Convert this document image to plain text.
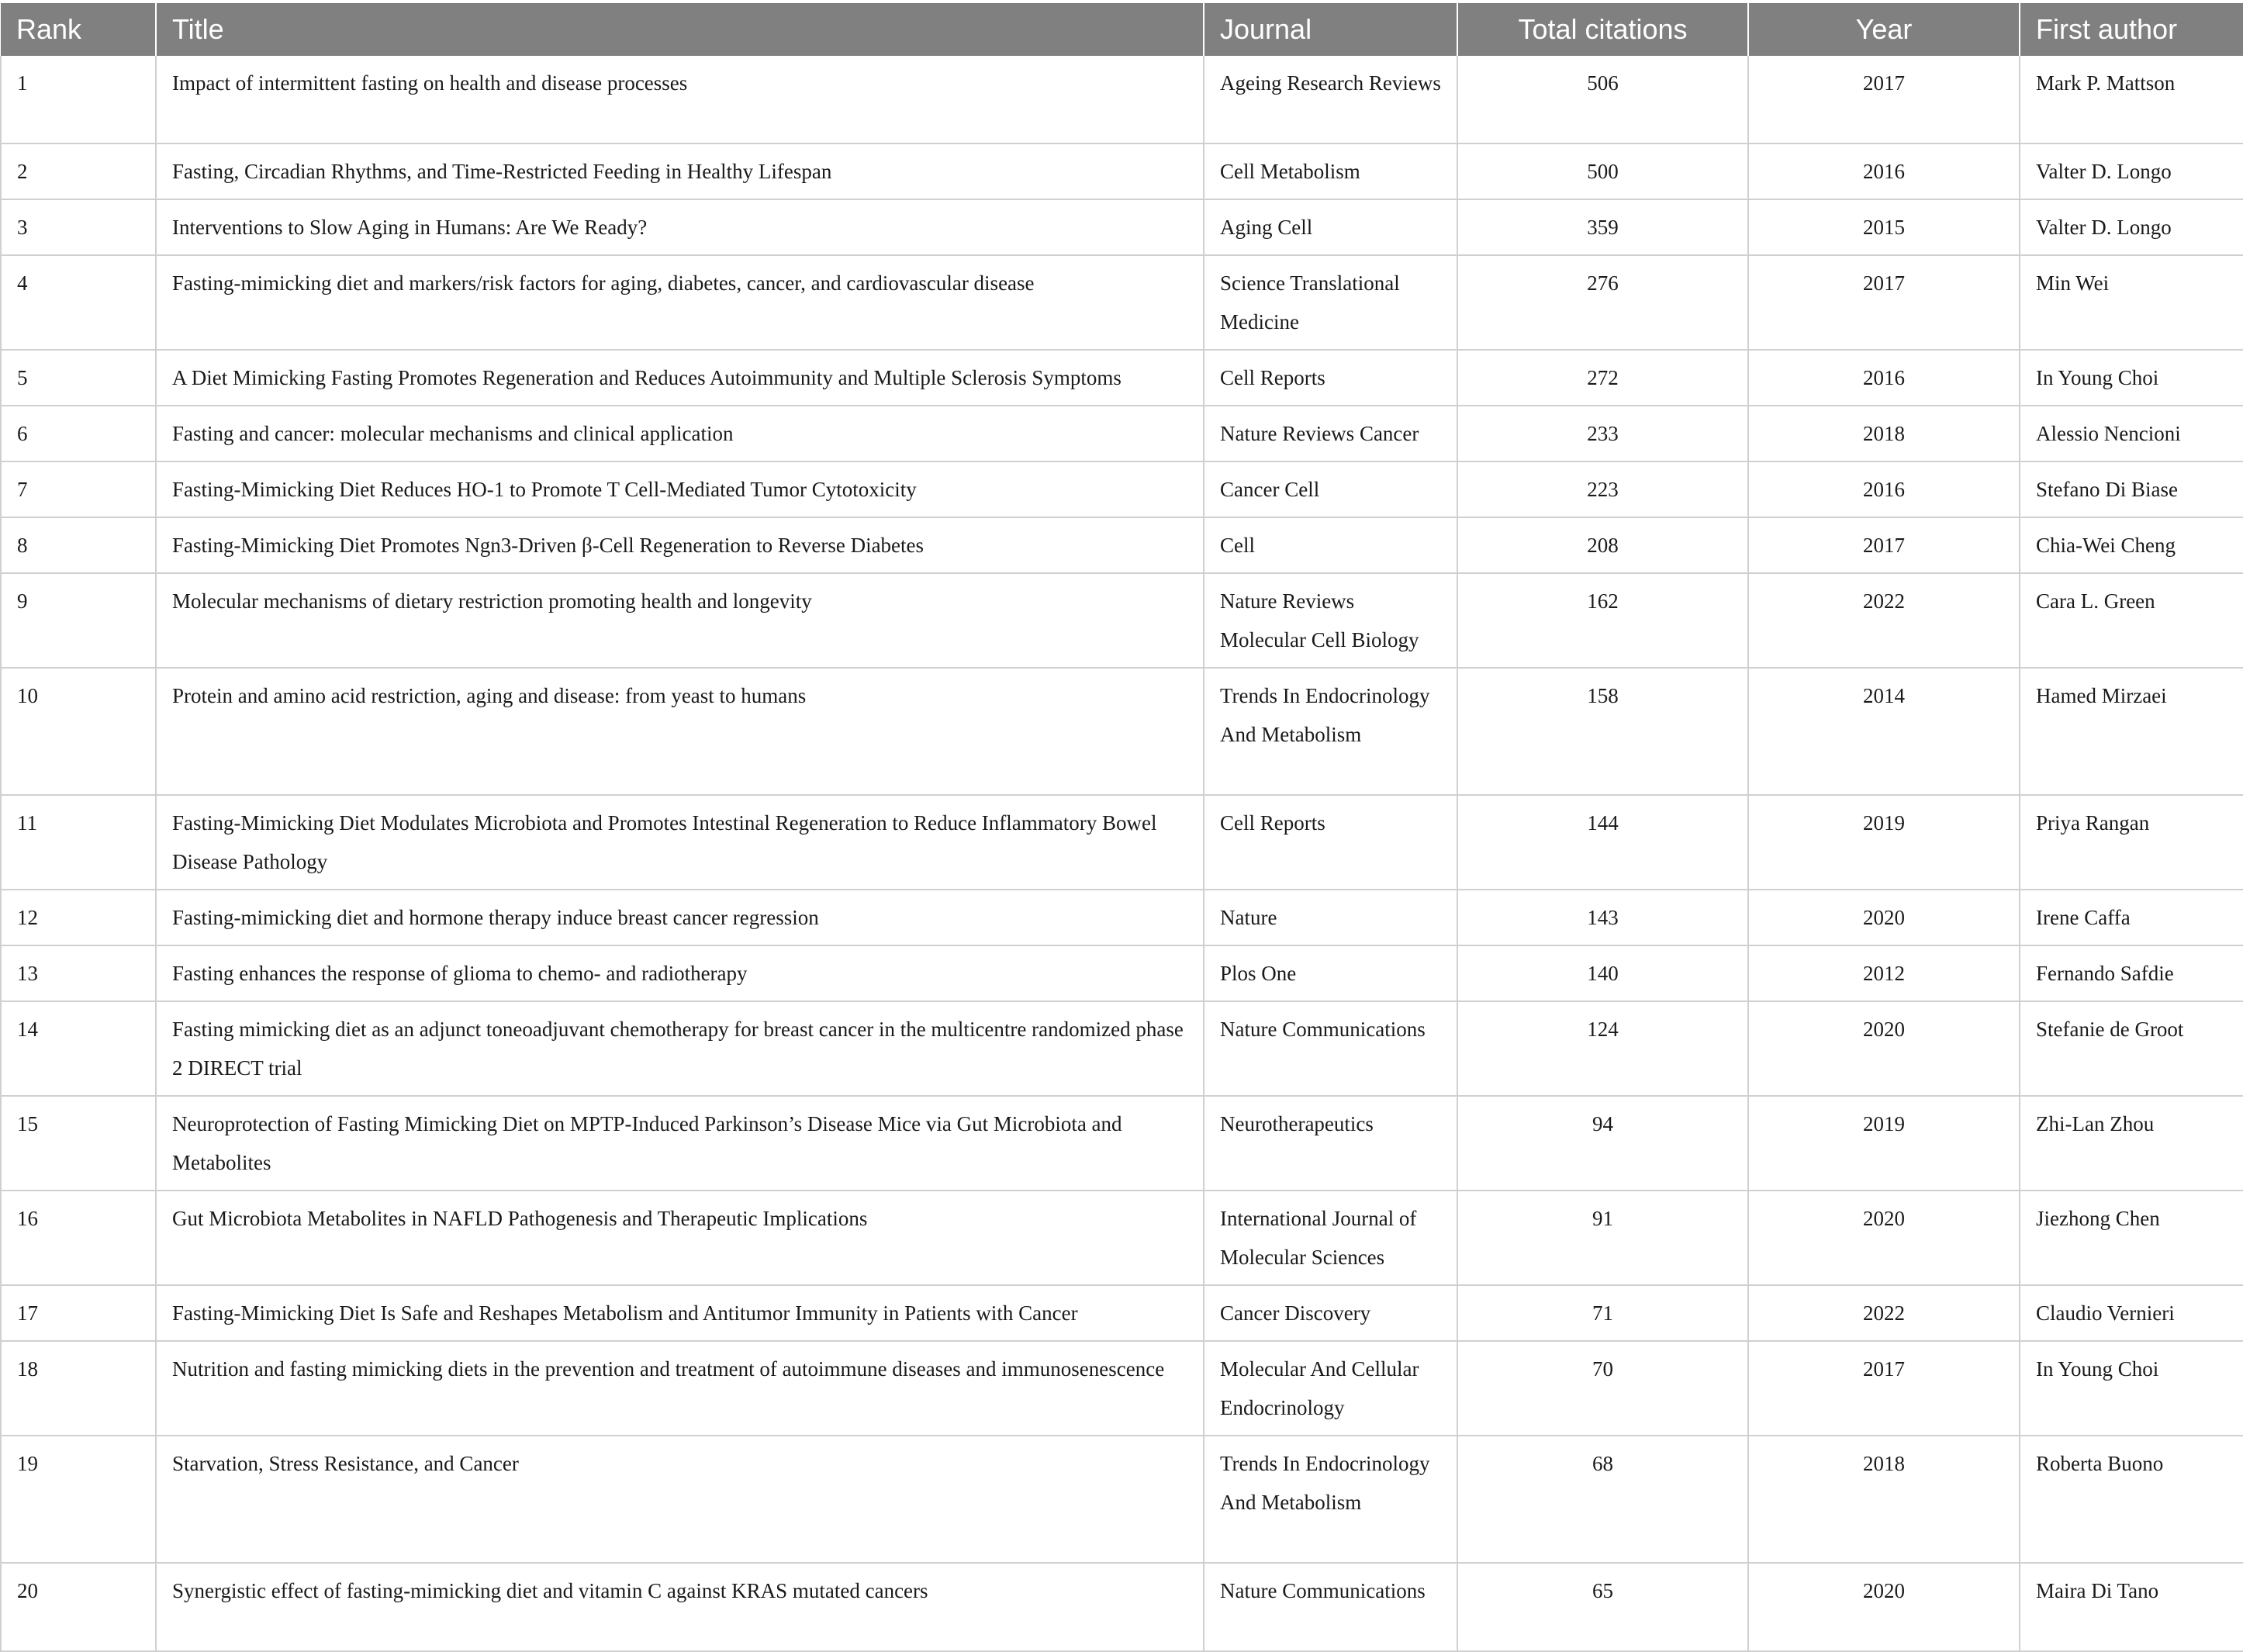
Rank	Title	Journal	Total citations	Year	First author
1	Impact of intermittent fasting on health and disease processes	Ageing Research Reviews	506	2017	Mark P. Mattson
2	Fasting, Circadian Rhythms, and Time-Restricted Feeding in Healthy Lifespan	Cell Metabolism	500	2016	Valter D. Longo
3	Interventions to Slow Aging in Humans: Are We Ready?	Aging Cell	359	2015	Valter D. Longo
4	Fasting-mimicking diet and markers/risk factors for aging, diabetes, cancer, and cardiovascular disease	Science Translational Medicine	276	2017	Min Wei
5	A Diet Mimicking Fasting Promotes Regeneration and Reduces Autoimmunity and Multiple Sclerosis Symptoms	Cell Reports	272	2016	In Young Choi
6	Fasting and cancer: molecular mechanisms and clinical application	Nature Reviews Cancer	233	2018	Alessio Nencioni
7	Fasting-Mimicking Diet Reduces HO-1 to Promote T Cell-Mediated Tumor Cytotoxicity	Cancer Cell	223	2016	Stefano Di Biase
8	Fasting-Mimicking Diet Promotes Ngn3-Driven β-Cell Regeneration to Reverse Diabetes	Cell	208	2017	Chia-Wei Cheng
9	Molecular mechanisms of dietary restriction promoting health and longevity	Nature Reviews Molecular Cell Biology	162	2022	Cara L. Green
10	Protein and amino acid restriction, aging and disease: from yeast to humans	Trends In Endocrinology And Metabolism	158	2014	Hamed Mirzaei
11	Fasting-Mimicking Diet Modulates Microbiota and Promotes Intestinal Regeneration to Reduce Inflammatory Bowel Disease Pathology	Cell Reports	144	2019	Priya Rangan
12	Fasting-mimicking diet and hormone therapy induce breast cancer regression	Nature	143	2020	Irene Caffa
13	Fasting enhances the response of glioma to chemo- and radiotherapy	Plos One	140	2012	Fernando Safdie
14	Fasting mimicking diet as an adjunct toneoadjuvant chemotherapy for breast cancer in the multicentre randomized phase 2 DIRECT trial	Nature Communications	124	2020	Stefanie de Groot
15	Neuroprotection of Fasting Mimicking Diet on MPTP-Induced Parkinson’s Disease Mice via Gut Microbiota and Metabolites	Neurotherapeutics	94	2019	Zhi-Lan Zhou
16	Gut Microbiota Metabolites in NAFLD Pathogenesis and Therapeutic Implications	International Journal of Molecular Sciences	91	2020	Jiezhong Chen
17	Fasting-Mimicking Diet Is Safe and Reshapes Metabolism and Antitumor Immunity in Patients with Cancer	Cancer Discovery	71	2022	Claudio Vernieri
18	Nutrition and fasting mimicking diets in the prevention and treatment of autoimmune diseases and immunosenescence	Molecular And Cellular Endocrinology	70	2017	In Young Choi
19	Starvation, Stress Resistance, and Cancer	Trends In Endocrinology And Metabolism	68	2018	Roberta Buono
20	Synergistic effect of fasting-mimicking diet and vitamin C against KRAS mutated cancers	Nature Communications	65	2020	Maira Di Tano
